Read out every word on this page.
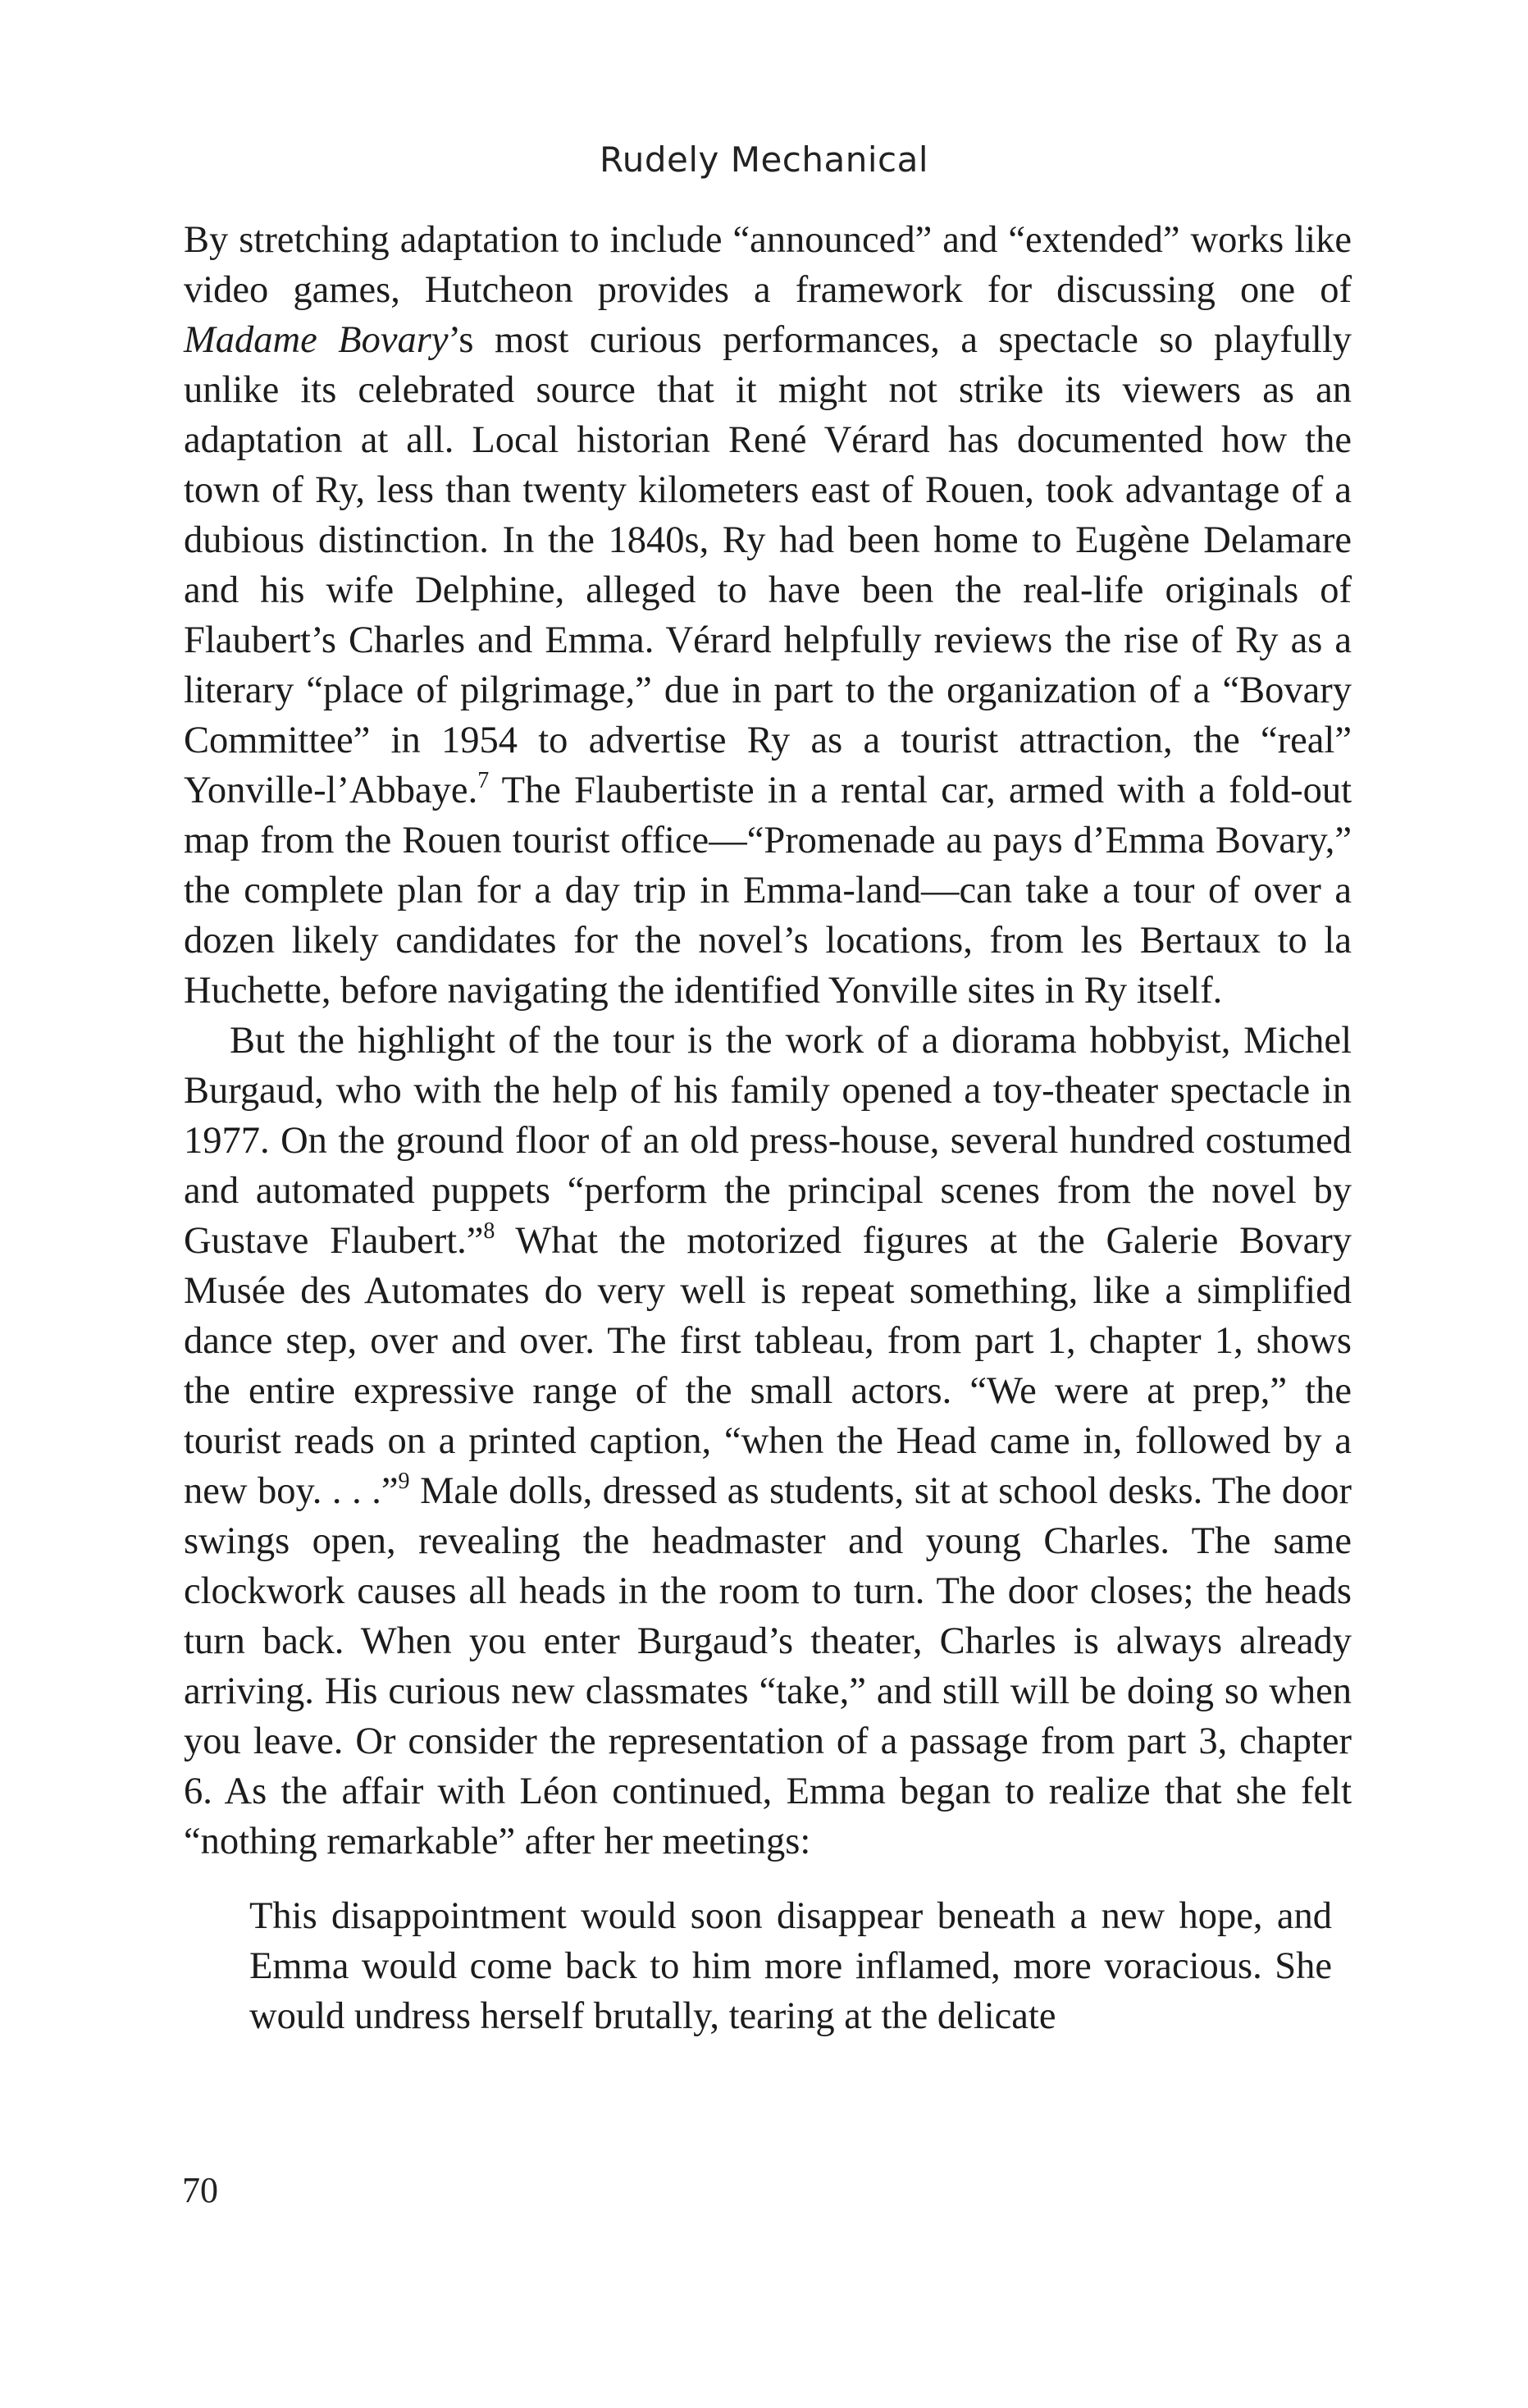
Rudely Mechanical

By stretching adaptation to include “announced” and “extended” works like video games, Hutcheon provides a framework for discussing one of Madame Bovary’s most curious performances, a spectacle so playfully unlike its celebrated source that it might not strike its viewers as an adaptation at all. Local historian René Vérard has documented how the town of Ry, less than twenty kilometers east of Rouen, took advantage of a dubious distinction. In the 1840s, Ry had been home to Eugène Delamare and his wife Delphine, alleged to have been the real-life originals of Flaubert’s Charles and Emma. Vérard helpfully reviews the rise of Ry as a literary “place of pilgrimage,” due in part to the organization of a “Bovary Committee” in 1954 to advertise Ry as a tourist attraction, the “real” Yonville-l’Abbaye.$^7$ The Flaubertiste in a rental car, armed with a fold-out map from the Rouen tourist office—“Promenade au pays d’Emma Bovary,” the complete plan for a day trip in Emma-land—can take a tour of over a dozen likely candidates for the novel’s locations, from les Bertaux to la Huchette, before navigating the identified Yonville sites in Ry itself.

But the highlight of the tour is the work of a diorama hobbyist, Michel Burgaud, who with the help of his family opened a toy-theater spectacle in 1977. On the ground floor of an old press-house, several hundred costumed and automated puppets “perform the principal scenes from the novel by Gustave Flaubert.”$^8$ What the motorized figures at the Galerie Bovary Musée des Automates do very well is repeat something, like a simplified dance step, over and over. The first tableau, from part 1, chapter 1, shows the entire expressive range of the small actors. “We were at prep,” the tourist reads on a printed caption, “when the Head came in, followed by a new boy. . . .”$^9$ Male dolls, dressed as students, sit at school desks. The door swings open, revealing the headmaster and young Charles. The same clockwork causes all heads in the room to turn. The door closes; the heads turn back. When you enter Burgaud’s theater, Charles is always already arriving. His curious new classmates “take,” and still will be doing so when you leave. Or consider the representation of a passage from part 3, chapter 6. As the affair with Léon continued, Emma began to realize that she felt “nothing remarkable” after her meetings:

This disappointment would soon disappear beneath a new hope, and Emma would come back to him more inflamed, more voracious. She would undress herself brutally, tearing at the delicate

70
